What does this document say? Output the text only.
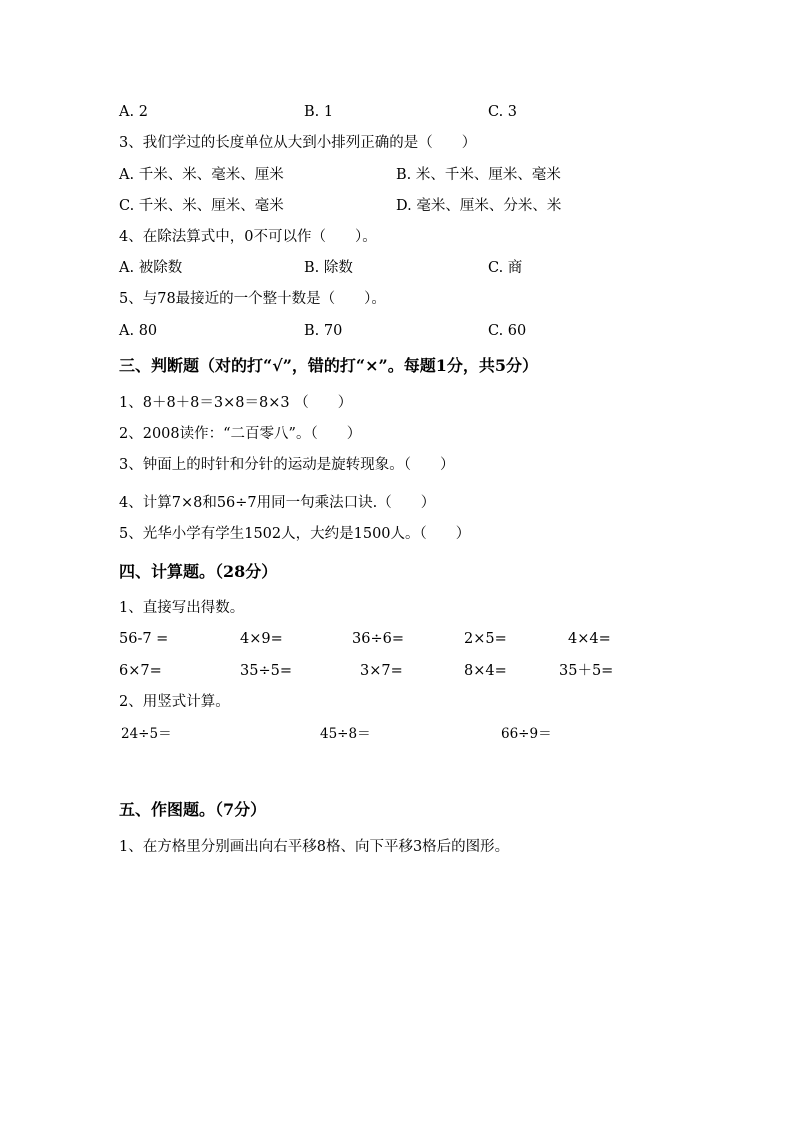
A. 2	B. 1	C. 3
3、我们学过的长度单位从大到小排列正确的是（　　）
A. 千米、米、毫米、厘米	B. 米、千米、厘米、毫米
C. 千米、米、厘米、毫米	D. 毫米、厘米、分米、米
4、在除法算式中，0不可以作（　　）。
A. 被除数	B. 除数	C. 商
5、与78最接近的一个整十数是（　　）。
A. 80	B. 70	C. 60
三、判断题（对的打“√”，错的打“×”。每题1分，共5分）
1、8＋8＋8＝3×8＝8×3 （　　）
2、2008读作：“二百零八”。（　　）
3、钟面上的时针和分针的运动是旋转现象。（　　）
4、计算7×8和56÷7用同一句乘法口诀.（　　）
5、光华小学有学生1502人，大约是1500人。（　　）
四、计算题。（28分）
1、直接写出得数。
56-7 =	4×9=	36÷6=	2×5=	4×4=
6×7=	35÷5=	3×7=	8×4=	35＋5=
2、用竖式计算。
24÷5＝	45÷8＝	66÷9＝
五、作图题。（7分）
1、在方格里分别画出向右平移8格、向下平移3格后的图形。
